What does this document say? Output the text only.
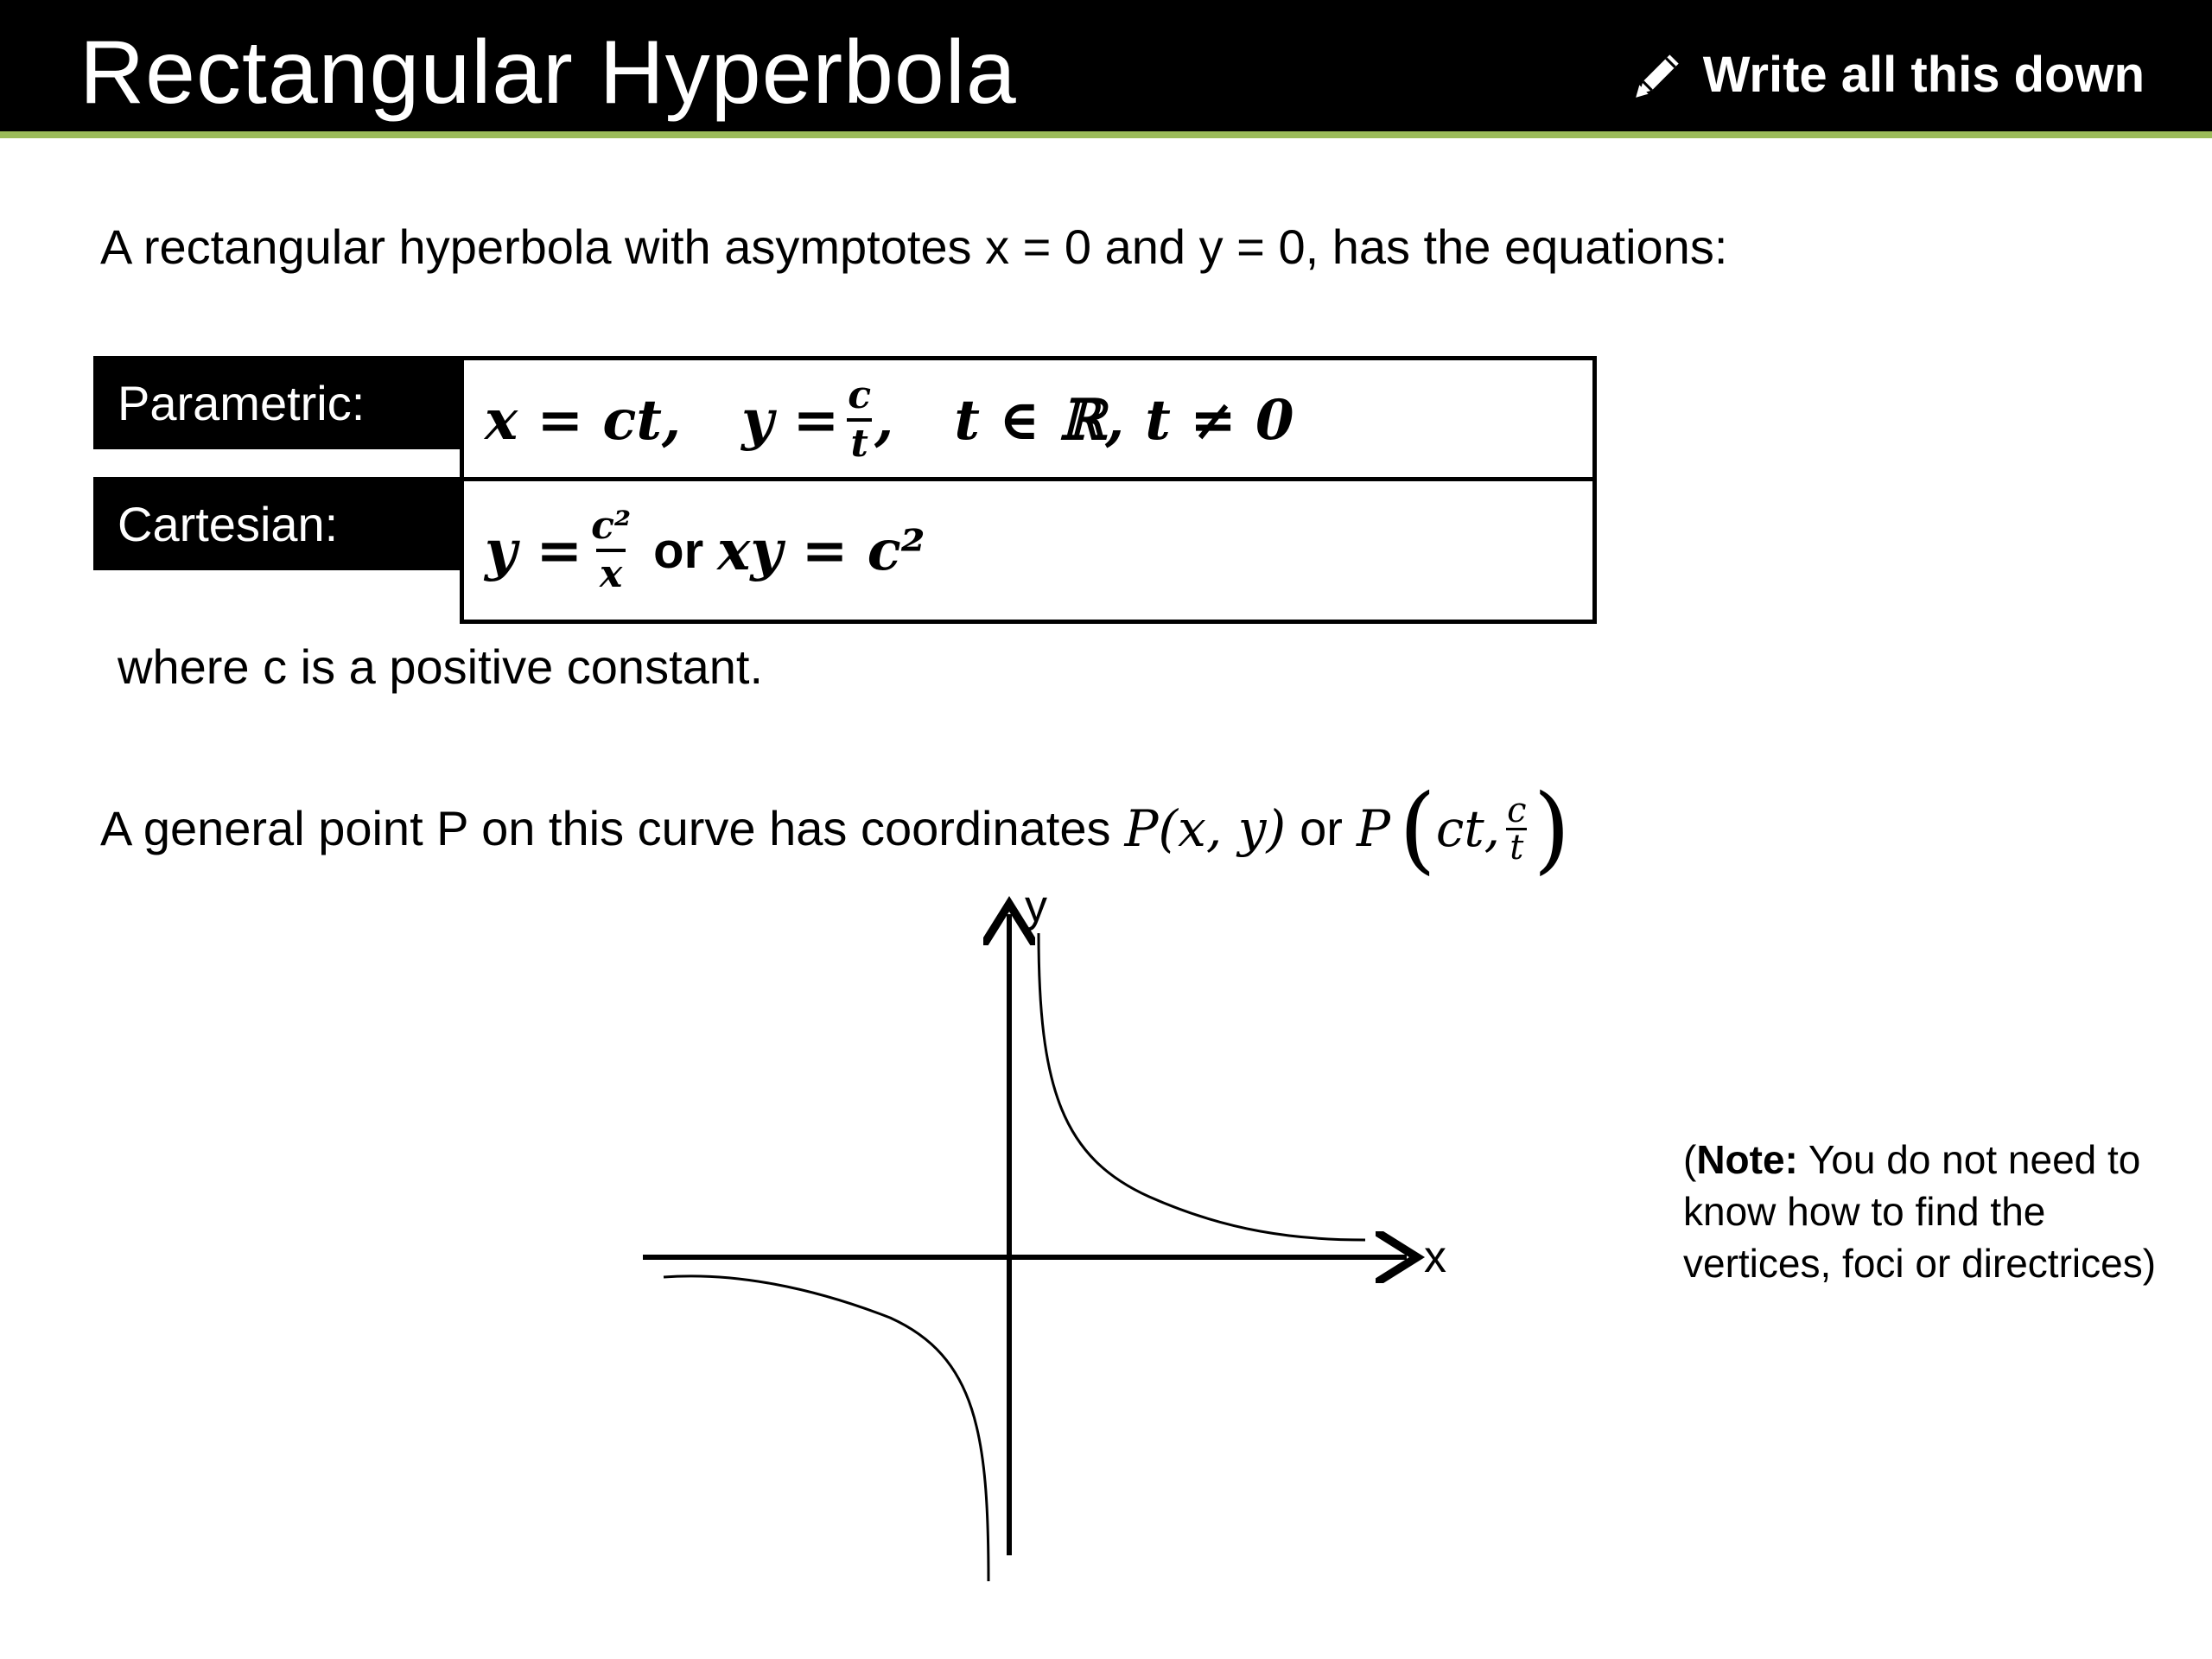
Rectangular Hyperbola	Write all this down
A rectangular hyperbola with asymptotes x = 0 and y = 0, has the equations:
Parametric:	x = ct, $y = \frac{c}{t}$ , t ∈ ℝ, t ≠ 0
Cartesian:	$y = \frac{\text{c²}}{x}$ or xy = c²
where c is a positive constant.
A general point P on this curve has coordinates P(x, y) or P ( ct, $\frac{c}{t}$ )
x
y
(Note: You do not need to know how to find the vertices, foci or directrices)
